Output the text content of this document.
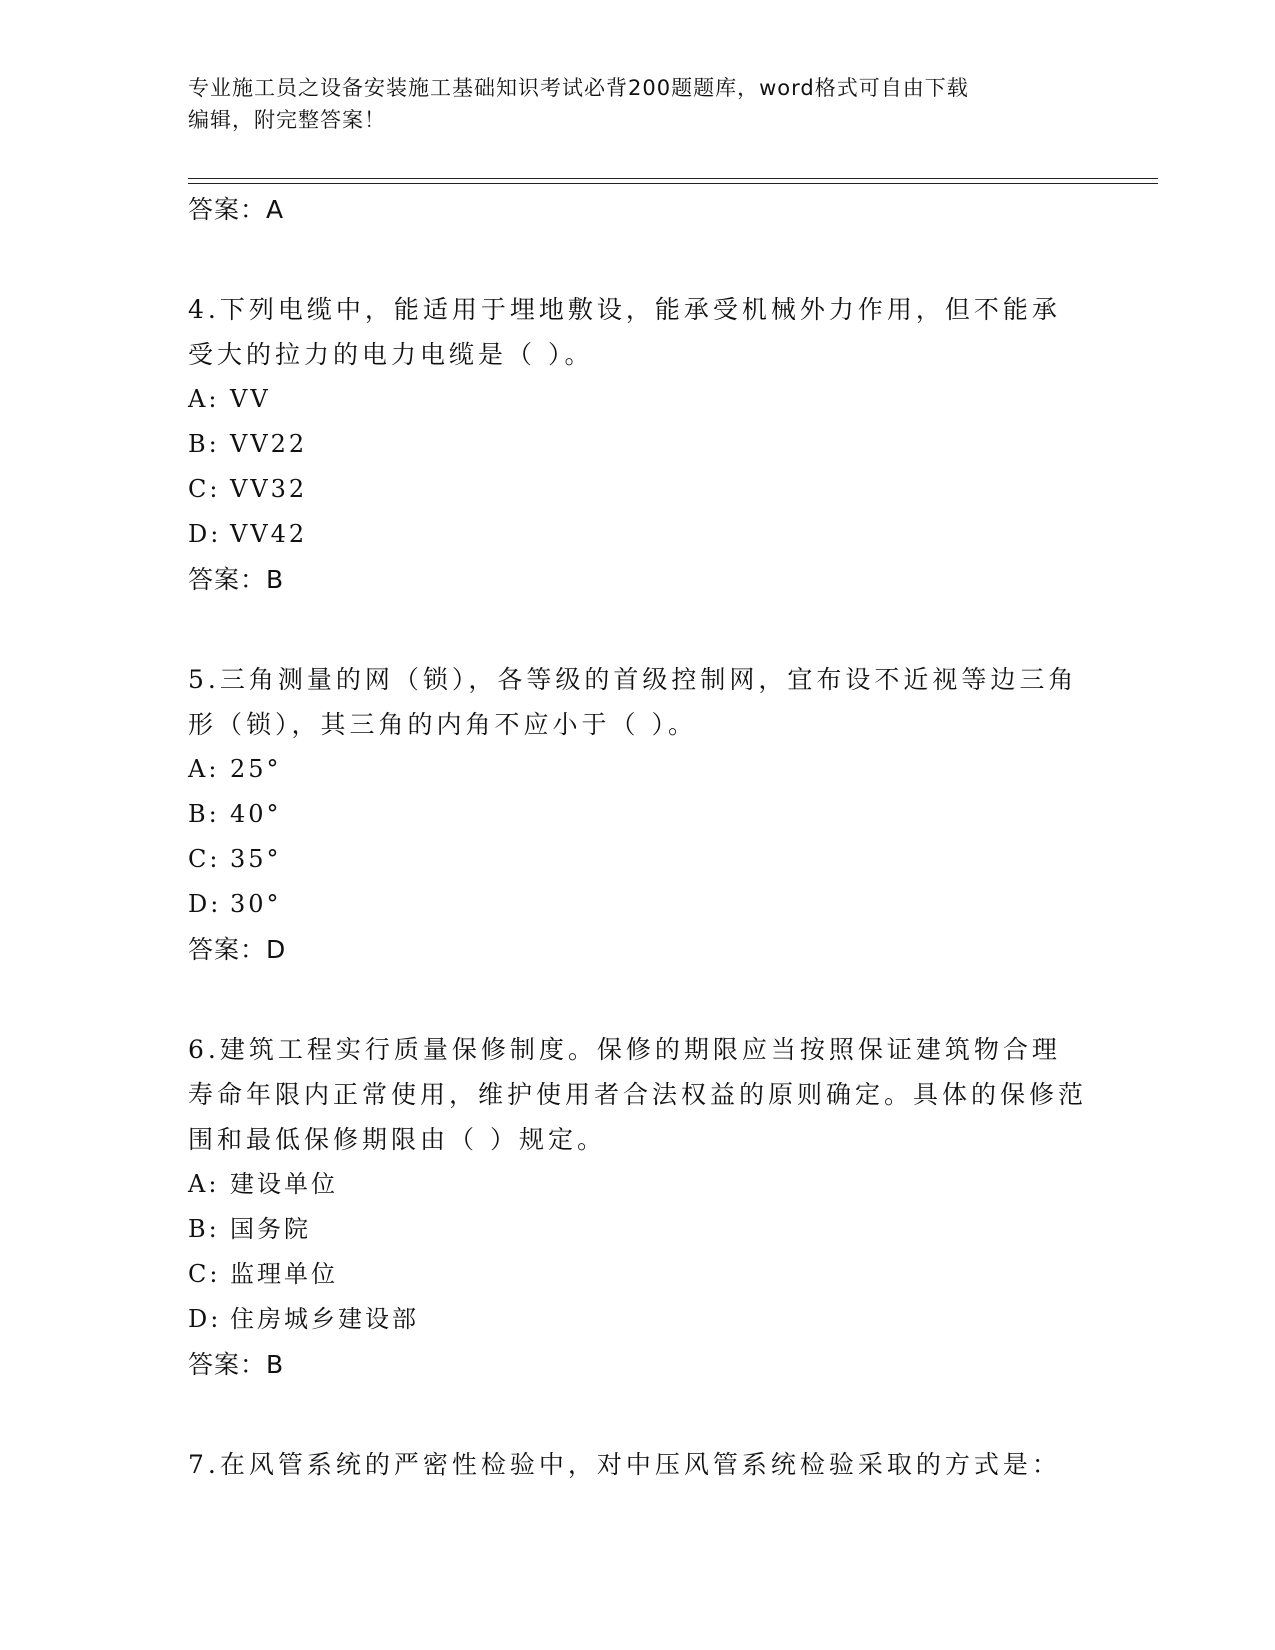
专业施工员之设备安装施工基础知识考试必背200题题库，word格式可自由下载
编辑，附完整答案！
答案：A
4.下列电缆中，能适用于埋地敷设，能承受机械外力作用，但不能承受大的拉力的电力电缆是（ ）。
A: VV
B: VV22
C: VV32
D: VV42
答案：B
5.三角测量的网（锁），各等级的首级控制网，宜布设不近视等边三角形（锁），其三角的内角不应小于（ ）。
A: 25°
B: 40°
C: 35°
D: 30°
答案：D
6.建筑工程实行质量保修制度。保修的期限应当按照保证建筑物合理寿命年限内正常使用，维护使用者合法权益的原则确定。具体的保修范围和最低保修期限由（ ）规定。
A: 建设单位
B: 国务院
C: 监理单位
D: 住房城乡建设部
答案：B
7.在风管系统的严密性检验中，对中压风管系统检验采取的方式是：
